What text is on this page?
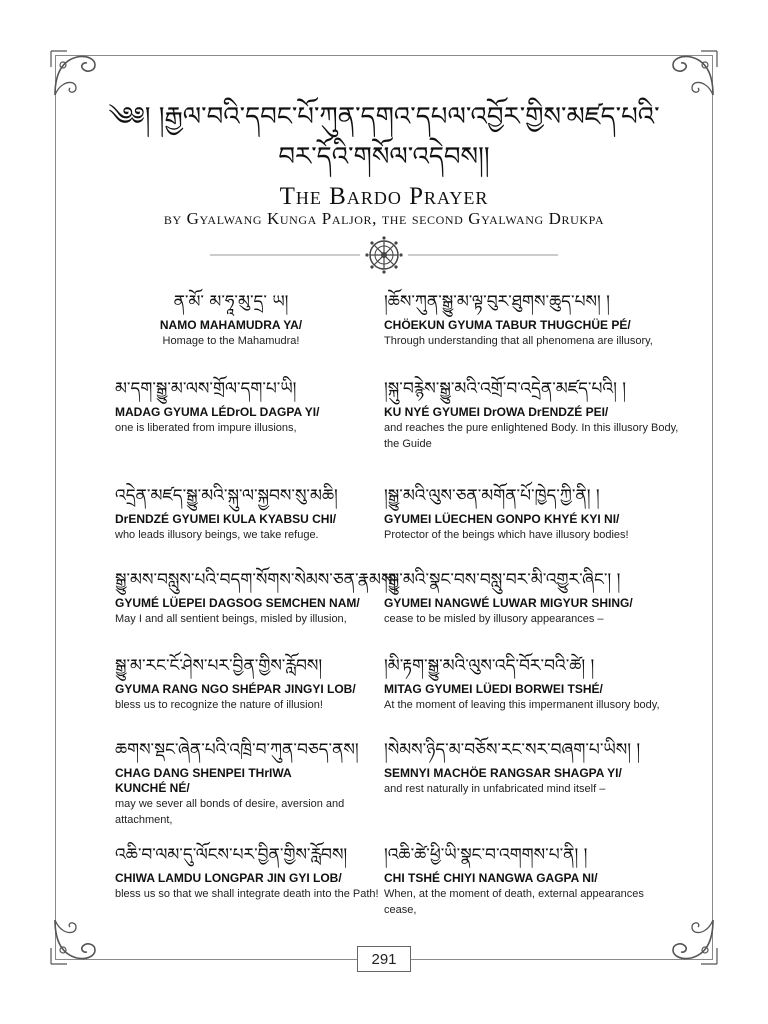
༄༅། །རྒྱལ་བའི་དབང་པོ་ཀུན་དགའ་དཔལ་འབྱོར་གྱིས་མཛད་པའི་
བར་དོའི་གསོལ་འདེབས།།
The Bardo Prayer
by Gyalwang Kunga Paljor, the second Gyalwang Drukpa
ན་མོ་ མ་ཧཱ་མུ་དྲ་ ཡ།
NAMO MAHAMUDRA YA/
Homage to the Mahamudra!
མ་དག་སྒྱུ་མ་ལས་གྲོལ་དག་པ་ཡི།
MADAG GYUMA LÉDrOL DAGPA YI/
one is liberated from impure illusions,
འདྲེན་མཛད་སྒྱུ་མའི་སྐུ་ལ་སྐྱབས་སུ་མཆི།
DrENDZÉ GYUMEI KULA KYABSU CHI/
who leads illusory beings, we take refuge.
སྒྱུ་མས་བསླུས་པའི་བདག་སོགས་སེམས་ཅན་རྣམས།
GYUMÉ LÜEPEI DAGSOG SEMCHEN NAM/
May I and all sentient beings, misled by illusion,
སྒྱུ་མ་རང་ངོ་ཤེས་པར་བྱིན་གྱིས་རློབས།
GYUMA RANG NGO SHÉPAR JINGYI LOB/
bless us to recognize the nature of illusion!
ཆགས་སྡང་ཞེན་པའི་འཁྲི་བ་ཀུན་བཅད་ནས།
CHAG DANG SHENPEI THrIWA KUNCHÉ NÉ/
may we sever all bonds of desire, aversion and attachment,
འཆི་བ་ལམ་དུ་ལོངས་པར་བྱིན་གྱིས་རློབས།
CHIWA LAMDU LONGPAR JIN GYI LOB/
bless us so that we shall integrate death into the Path!
།ཆོས་ཀུན་སྒྱུ་མ་ལྟ་བུར་ཐུགས་ཆུད་པས། །
CHÖEKUN GYUMA TABUR THUGCHÜE PÉ/
Through understanding that all phenomena are illusory,
།སྐུ་བརྙེས་སྒྱུ་མའི་འགྲོ་བ་འདྲེན་མཛད་པའི། །
KU NYÉ GYUMEI DrOWA DrENDZÉ PEI/
and reaches the pure enlightened Body. In this illusory Body, the Guide
།སྒྱུ་མའི་ལུས་ཅན་མགོན་པོ་ཁྱེད་ཀྱི་ནི། །
GYUMEI LÜECHEN GONPO KHYÉ KYI NI/
Protector of the beings which have illusory bodies!
།སྒྱུ་མའི་སྣང་བས་བསླུ་བར་མི་འགྱུར་ཞིང་། །
GYUMEI NANGWÉ LUWAR MIGYUR SHING/
cease to be misled by illusory appearances –
།མི་རྟག་སྒྱུ་མའི་ལུས་འདི་བོར་བའི་ཚེ། །
MITAG GYUMEI LÜEDI BORWEI TSHÉ/
At the moment of leaving this impermanent illusory body,
།སེམས་ཉིད་མ་བཅོས་རང་སར་བཞག་པ་ཡིས། །
SEMNYI MACHÖE RANGSAR SHAGPA YI/
and rest naturally in unfabricated mind itself –
།འཆི་ཚེ་ཕྱི་ཡི་སྣང་བ་འགགས་པ་ནི། །
CHI TSHÉ CHIYI NANGWA GAGPA NI/
When, at the moment of death, external appearances cease,
291
